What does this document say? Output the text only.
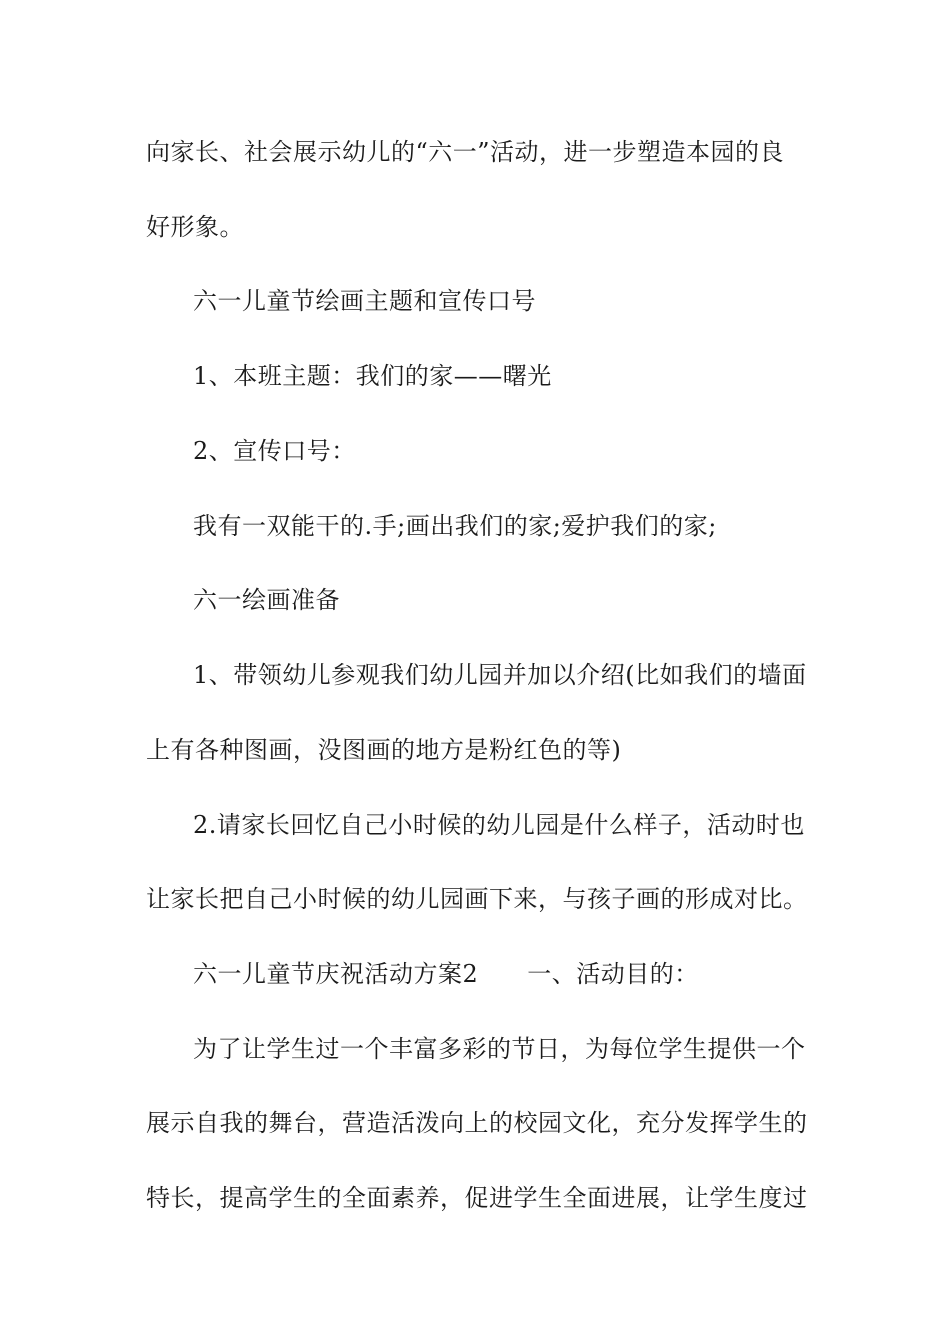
向家长、社会展示幼儿的“六一”活动，进一步塑造本园的良
好形象。
六一儿童节绘画主题和宣传口号
1、本班主题：我们的家——曙光
2、宣传口号：
我有一双能干的.手;画出我们的家;爱护我们的家;
六一绘画准备
1、带领幼儿参观我们幼儿园并加以介绍(比如我们的墙面
上有各种图画，没图画的地方是粉红色的等)
2.请家长回忆自己小时候的幼儿园是什么样子，活动时也
让家长把自己小时候的幼儿园画下来，与孩子画的形成对比。
六一儿童节庆祝活动方案2　　一、活动目的：
为了让学生过一个丰富多彩的节日，为每位学生提供一个
展示自我的舞台，营造活泼向上的校园文化，充分发挥学生的
特长，提高学生的全面素养，促进学生全面进展，让学生度过
